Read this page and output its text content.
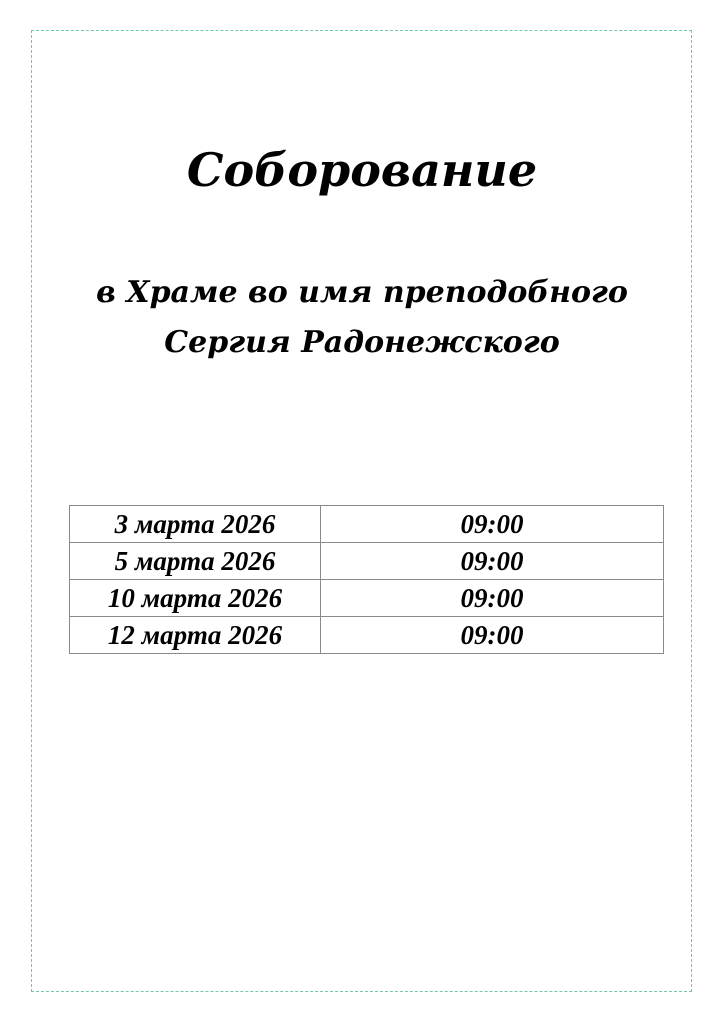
Соборование
в Храме во имя преподобного
Сергия Радонежского
3 марта 2026	09:00
5 марта 2026	09:00
10 марта 2026	09:00
12 марта 2026	09:00
